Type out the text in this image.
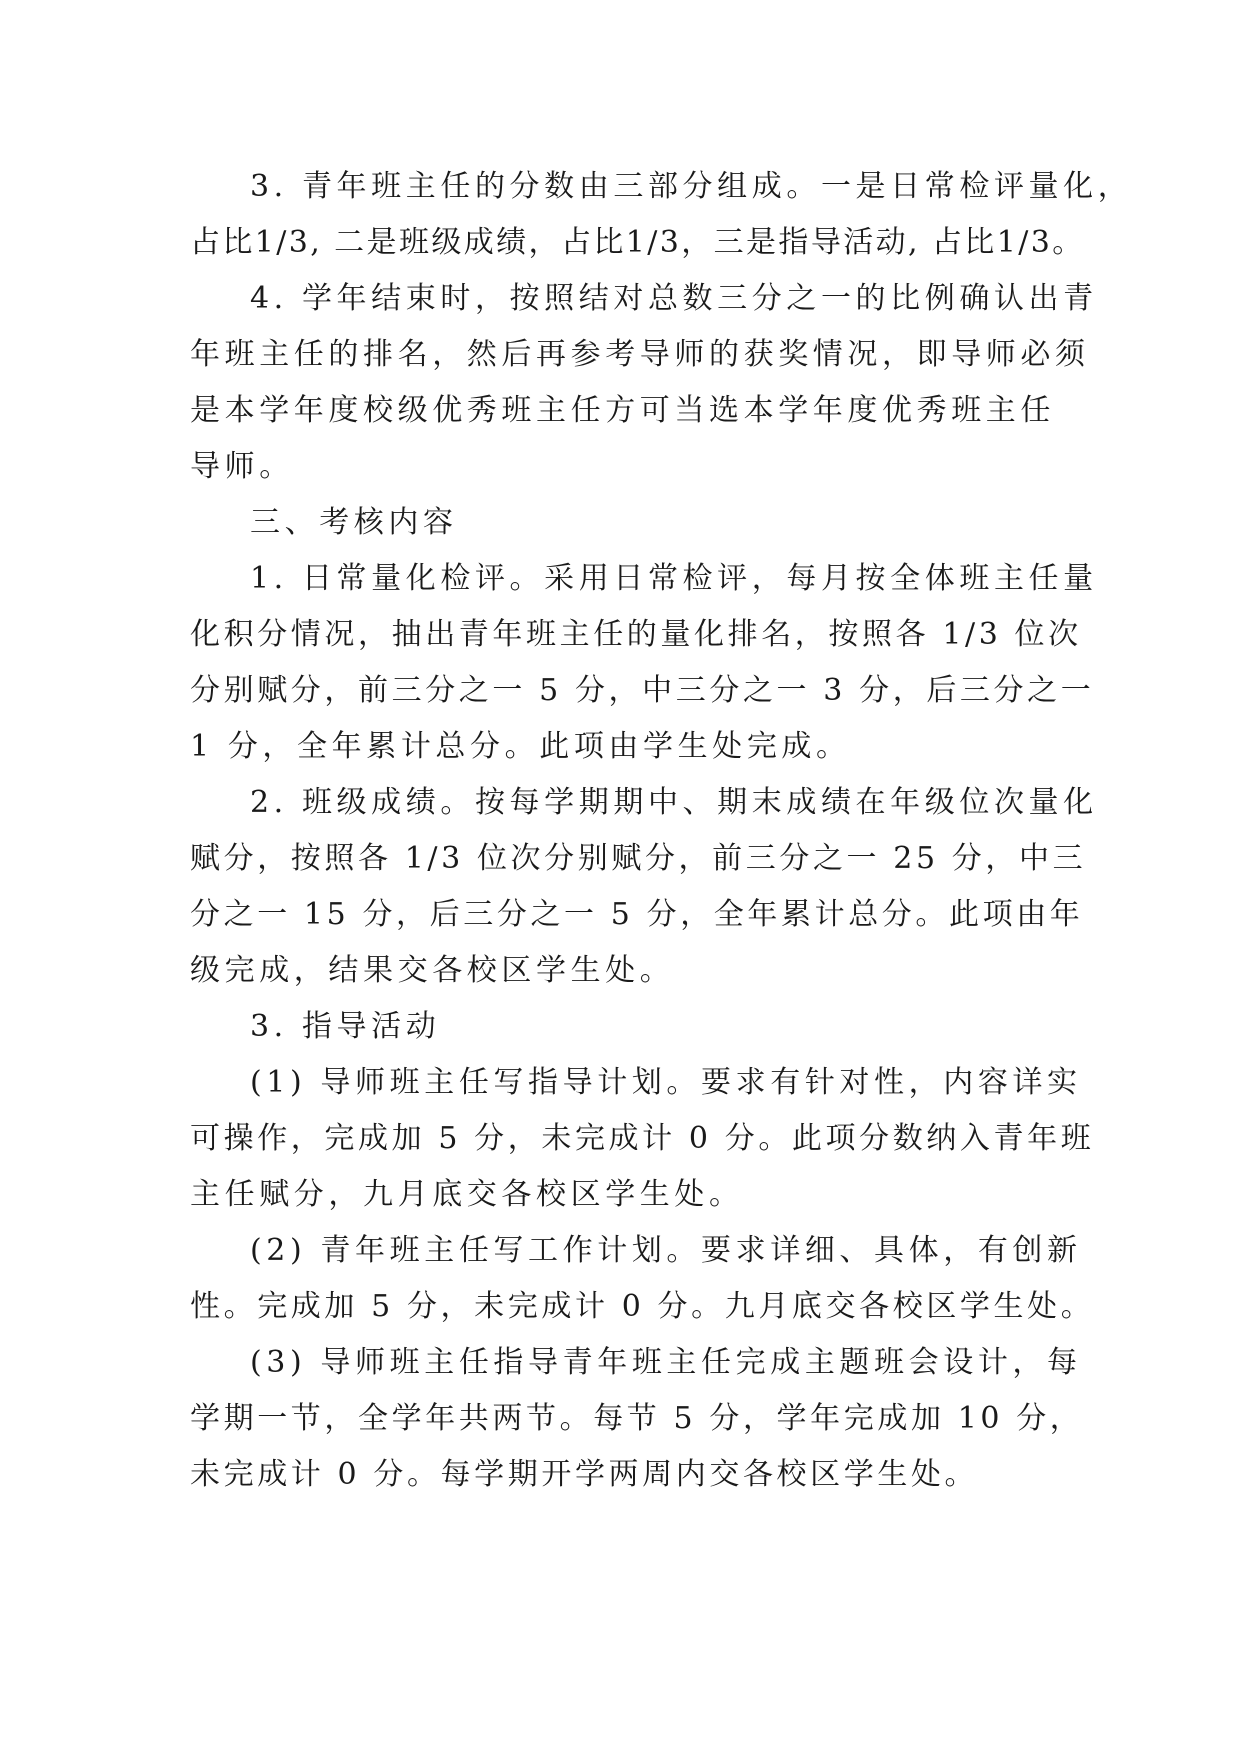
3. 青年班主任的分数由三部分组成。一是日常检评量化，
占比1/3, 二是班级成绩，占比1/3，三是指导活动, 占比1/3。
4. 学年结束时，按照结对总数三分之一的比例确认出青
年班主任的排名，然后再参考导师的获奖情况，即导师必须
是本学年度校级优秀班主任方可当选本学年度优秀班主任
导师。
三、考核内容
1. 日常量化检评。采用日常检评，每月按全体班主任量
化积分情况，抽出青年班主任的量化排名，按照各 1/3 位次
分别赋分，前三分之一 5 分，中三分之一 3 分，后三分之一
1 分，全年累计总分。此项由学生处完成。
2. 班级成绩。按每学期期中、期末成绩在年级位次量化
赋分，按照各 1/3 位次分别赋分，前三分之一 25 分，中三
分之一 15 分，后三分之一 5 分，全年累计总分。此项由年
级完成，结果交各校区学生处。
3. 指导活动
(1) 导师班主任写指导计划。要求有针对性，内容详实
可操作，完成加 5 分，未完成计 0 分。此项分数纳入青年班
主任赋分，九月底交各校区学生处。
(2) 青年班主任写工作计划。要求详细、具体，有创新
性。完成加 5 分，未完成计 0 分。九月底交各校区学生处。
(3) 导师班主任指导青年班主任完成主题班会设计，每
学期一节，全学年共两节。每节 5 分，学年完成加 10 分，
未完成计 0 分。每学期开学两周内交各校区学生处。
